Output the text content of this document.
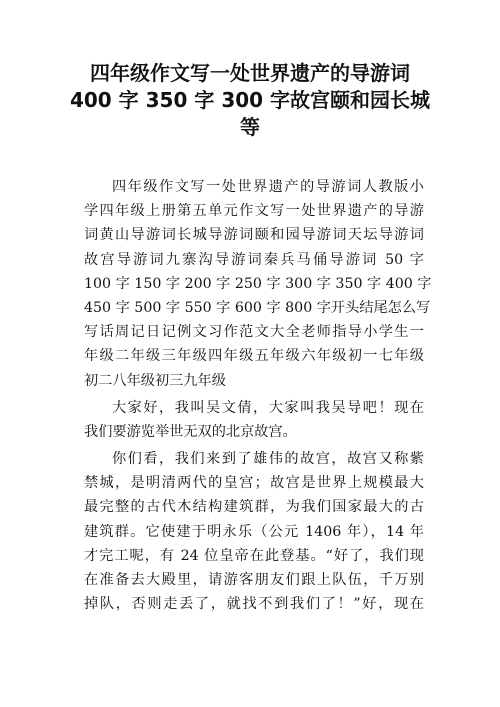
四年级作文写一处世界遗产的导游词
400 字 350 字 300 字故宫颐和园长城
等
四年级作文写一处世界遗产的导游词人教版小
学四年级上册第五单元作文写一处世界遗产的导游
词黄山导游词长城导游词颐和园导游词天坛导游词
故宫导游词九寨沟导游词秦兵马俑导游词 50 字
100 字 150 字 200 字 250 字 300 字 350 字 400 字
450 字 500 字 550 字 600 字 800 字开头结尾怎么写
写话周记日记例文习作范文大全老师指导小学生一
年级二年级三年级四年级五年级六年级初一七年级
初二八年级初三九年级
大家好，我叫吴文倩，大家叫我吴导吧！现在
我们要游览举世无双的北京故宫。
你们看，我们来到了雄伟的故宫，故宫又称紫
禁城，是明清两代的皇宫；故宫是世界上规模最大
最完整的古代木结构建筑群，为我们国家最大的古
建筑群。它使建于明永乐（公元 1406 年），14 年
才完工呢，有 24 位皇帝在此登基。“好了，我们现
在准备去大殿里，请游客朋友们跟上队伍，千万别
掉队，否则走丢了，就找不到我们了！”好，现在
